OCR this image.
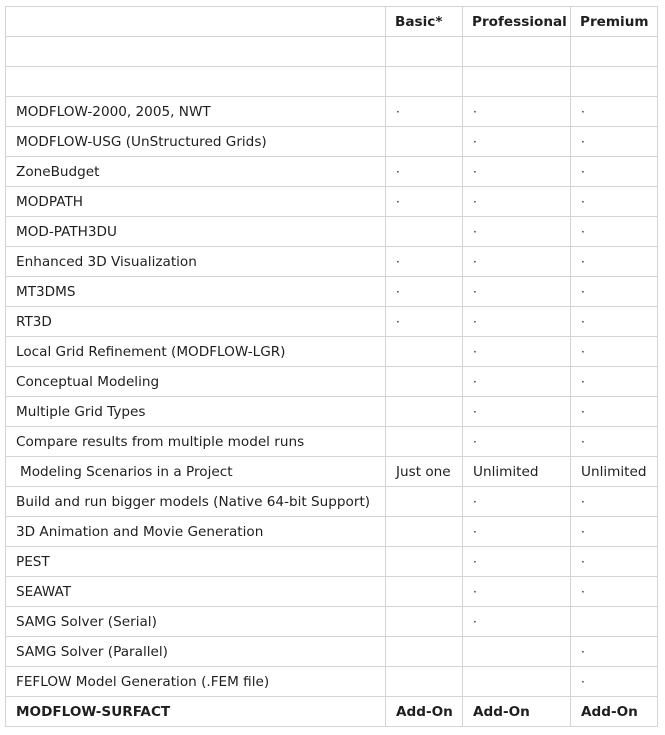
	Basic*	Professional	Premium

MODFLOW-2000, 2005, NWT	·	·	·
MODFLOW-USG (UnStructured Grids)		·	·
ZoneBudget	·	·	·
MODPATH	·	·	·
MOD-PATH3DU		·	·
Enhanced 3D Visualization	·	·	·
MT3DMS	·	·	·
RT3D	·	·	·
Local Grid Refinement (MODFLOW-LGR)		·	·
Conceptual Modeling		·	·
Multiple Grid Types		·	·
Compare results from multiple model runs		·	·
Modeling Scenarios in a Project	Just one	Unlimited	Unlimited
Build and run bigger models (Native 64-bit Support)		·	·
3D Animation and Movie Generation		·	·
PEST		·	·
SEAWAT		·	·
SAMG Solver (Serial)		·	
SAMG Solver (Parallel)			·
FEFLOW Model Generation (.FEM file)			·
MODFLOW-SURFACT	Add-On	Add-On	Add-On
